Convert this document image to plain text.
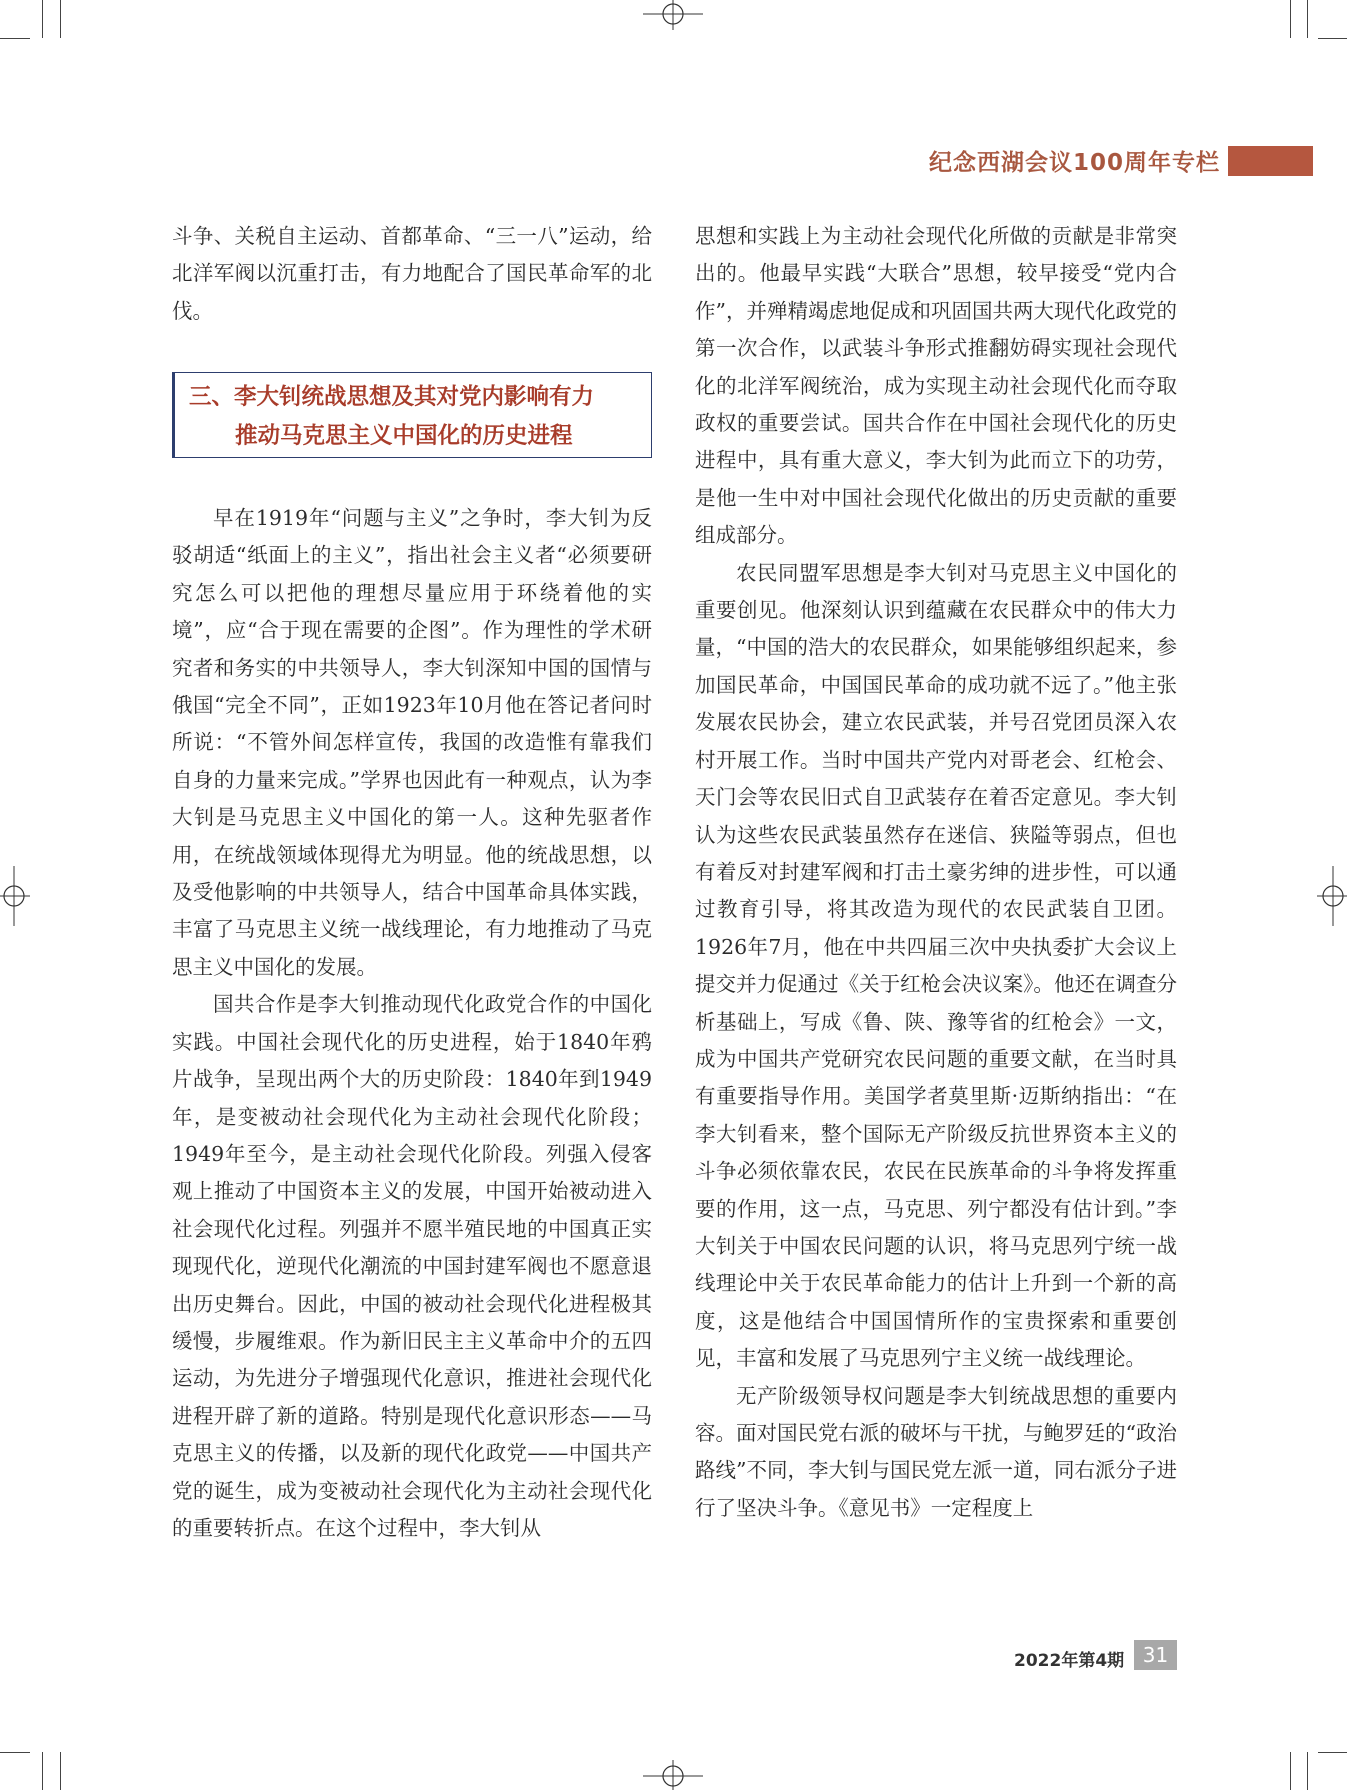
纪念西湖会议100周年专栏

斗争、关税自主运动、首都革命、“三一八”运动，给北洋军阀以沉重打击，有力地配合了国民革命军的北伐。

三、李大钊统战思想及其对党内影响有力
推动马克思主义中国化的历史进程

早在1919年“问题与主义”之争时，李大钊为反驳胡适“纸面上的主义”，指出社会主义者“必须要研究怎么可以把他的理想尽量应用于环绕着他的实境”，应“合于现在需要的企图”。作为理性的学术研究者和务实的中共领导人，李大钊深知中国的国情与俄国“完全不同”，正如1923年10月他在答记者问时所说：“不管外间怎样宣传，我国的改造惟有靠我们自身的力量来完成。”学界也因此有一种观点，认为李大钊是马克思主义中国化的第一人。这种先驱者作用，在统战领域体现得尤为明显。他的统战思想，以及受他影响的中共领导人，结合中国革命具体实践，丰富了马克思主义统一战线理论，有力地推动了马克思主义中国化的发展。

国共合作是李大钊推动现代化政党合作的中国化实践。中国社会现代化的历史进程，始于1840年鸦片战争，呈现出两个大的历史阶段：1840年到1949年，是变被动社会现代化为主动社会现代化阶段；1949年至今，是主动社会现代化阶段。列强入侵客观上推动了中国资本主义的发展，中国开始被动进入社会现代化过程。列强并不愿半殖民地的中国真正实现现代化，逆现代化潮流的中国封建军阀也不愿意退出历史舞台。因此，中国的被动社会现代化进程极其缓慢，步履维艰。作为新旧民主主义革命中介的五四运动，为先进分子增强现代化意识，推进社会现代化进程开辟了新的道路。特别是现代化意识形态——马克思主义的传播，以及新的现代化政党——中国共产党的诞生，成为变被动社会现代化为主动社会现代化的重要转折点。在这个过程中，李大钊从

思想和实践上为主动社会现代化所做的贡献是非常突出的。他最早实践“大联合”思想，较早接受“党内合作”，并殚精竭虑地促成和巩固国共两大现代化政党的第一次合作，以武装斗争形式推翻妨碍实现社会现代化的北洋军阀统治，成为实现主动社会现代化而夺取政权的重要尝试。国共合作在中国社会现代化的历史进程中，具有重大意义，李大钊为此而立下的功劳，是他一生中对中国社会现代化做出的历史贡献的重要组成部分。

农民同盟军思想是李大钊对马克思主义中国化的重要创见。他深刻认识到蕴藏在农民群众中的伟大力量，“中国的浩大的农民群众，如果能够组织起来，参加国民革命，中国国民革命的成功就不远了。”他主张发展农民协会，建立农民武装，并号召党团员深入农村开展工作。当时中国共产党内对哥老会、红枪会、天门会等农民旧式自卫武装存在着否定意见。李大钊认为这些农民武装虽然存在迷信、狭隘等弱点，但也有着反对封建军阀和打击土豪劣绅的进步性，可以通过教育引导，将其改造为现代的农民武装自卫团。1926年7月，他在中共四届三次中央执委扩大会议上提交并力促通过《关于红枪会决议案》。他还在调查分析基础上，写成《鲁、陕、豫等省的红枪会》一文，成为中国共产党研究农民问题的重要文献，在当时具有重要指导作用。美国学者莫里斯·迈斯纳指出：“在李大钊看来，整个国际无产阶级反抗世界资本主义的斗争必须依靠农民，农民在民族革命的斗争将发挥重要的作用，这一点，马克思、列宁都没有估计到。”李大钊关于中国农民问题的认识，将马克思列宁统一战线理论中关于农民革命能力的估计上升到一个新的高度，这是他结合中国国情所作的宝贵探索和重要创见，丰富和发展了马克思列宁主义统一战线理论。

无产阶级领导权问题是李大钊统战思想的重要内容。面对国民党右派的破坏与干扰，与鲍罗廷的“政治路线”不同，李大钊与国民党左派一道，同右派分子进行了坚决斗争。《意见书》一定程度上

2022年第4期 31
